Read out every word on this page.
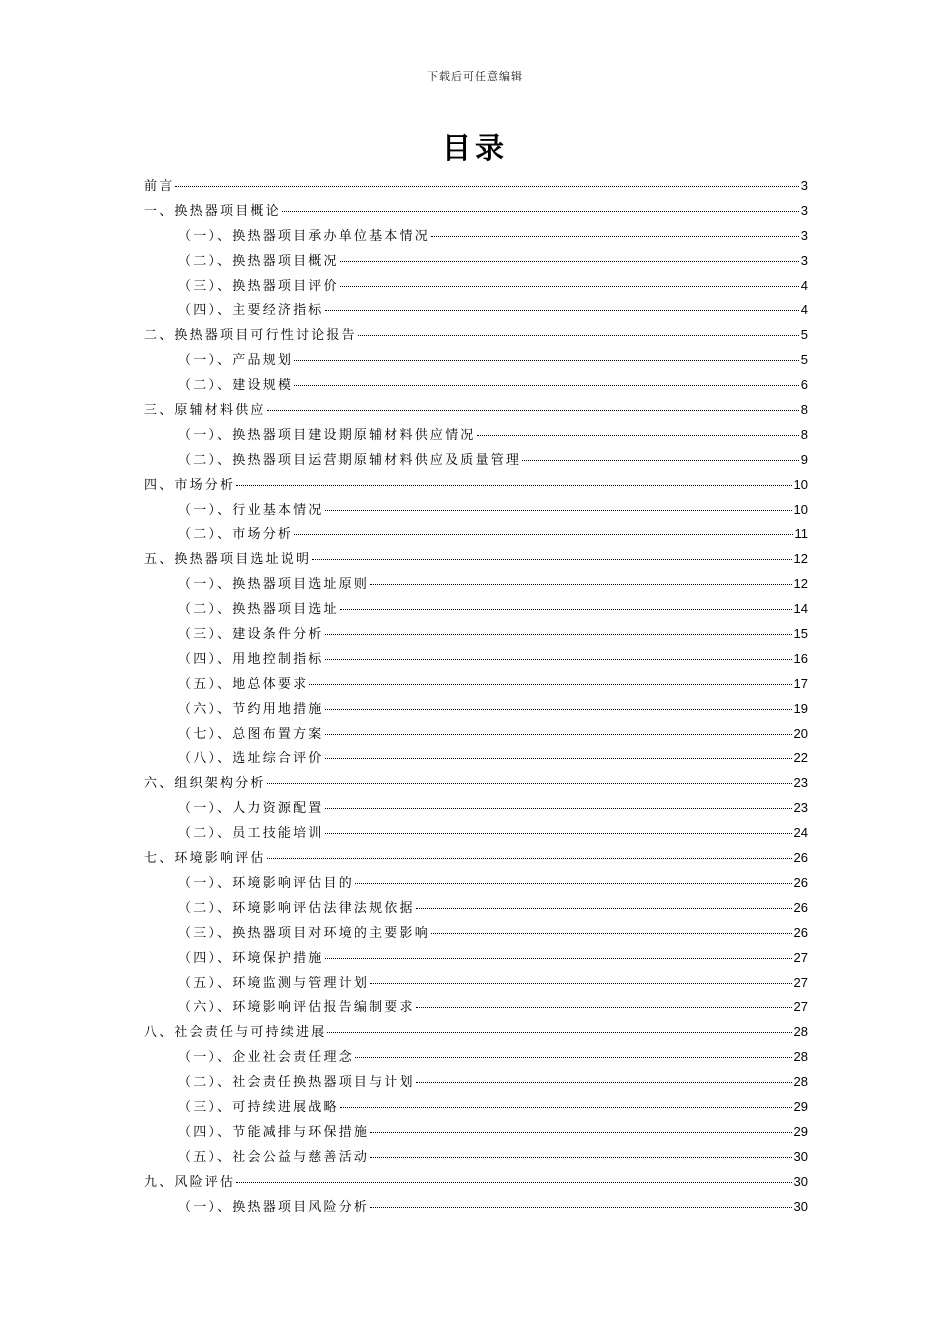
下载后可任意编辑
目录
前言	3
一、换热器项目概论	3
（一）、换热器项目承办单位基本情况	3
（二）、换热器项目概况	3
（三）、换热器项目评价	4
（四）、主要经济指标	4
二、换热器项目可行性讨论报告	5
（一）、产品规划	5
（二）、建设规模	6
三、原辅材料供应	8
（一）、换热器项目建设期原辅材料供应情况	8
（二）、换热器项目运营期原辅材料供应及质量管理	9
四、市场分析	10
（一）、行业基本情况	10
（二）、市场分析	11
五、换热器项目选址说明	12
（一）、换热器项目选址原则	12
（二）、换热器项目选址	14
（三）、建设条件分析	15
（四）、用地控制指标	16
（五）、地总体要求	17
（六）、节约用地措施	19
（七）、总图布置方案	20
（八）、选址综合评价	22
六、组织架构分析	23
（一）、人力资源配置	23
（二）、员工技能培训	24
七、环境影响评估	26
（一）、环境影响评估目的	26
（二）、环境影响评估法律法规依据	26
（三）、换热器项目对环境的主要影响	26
（四）、环境保护措施	27
（五）、环境监测与管理计划	27
（六）、环境影响评估报告编制要求	27
八、社会责任与可持续进展	28
（一）、企业社会责任理念	28
（二）、社会责任换热器项目与计划	28
（三）、可持续进展战略	29
（四）、节能减排与环保措施	29
（五）、社会公益与慈善活动	30
九、风险评估	30
（一）、换热器项目风险分析	30
